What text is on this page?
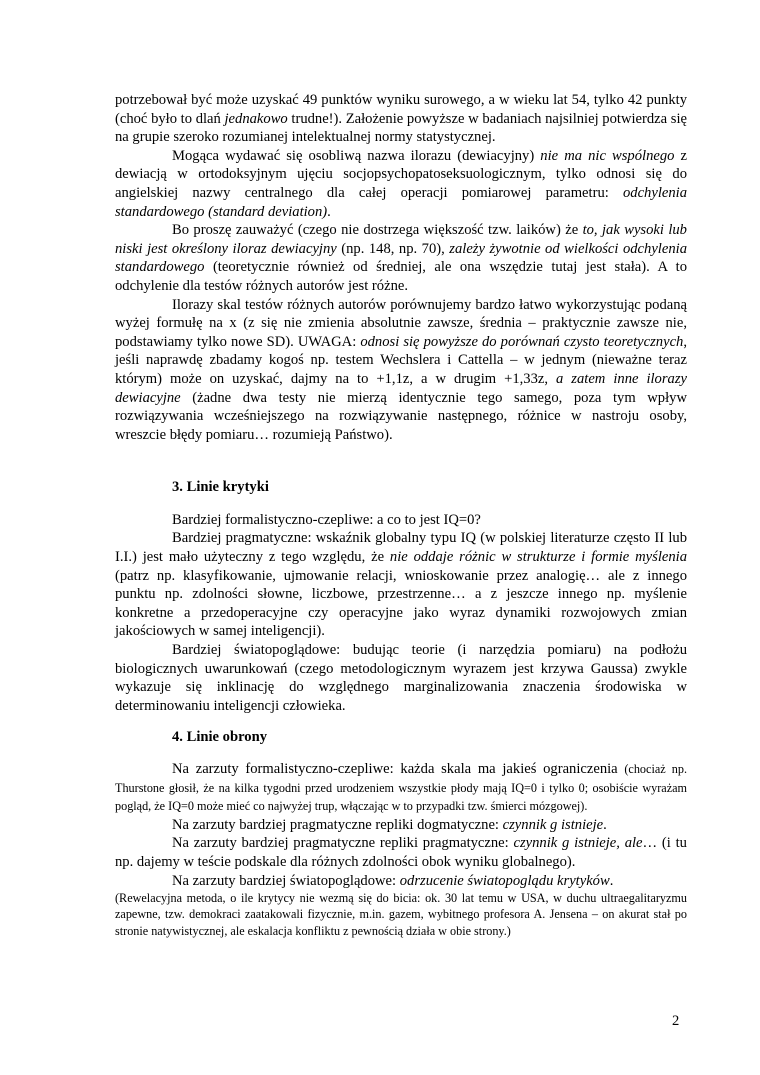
potrzebował być może uzyskać 49 punktów wyniku surowego, a w wieku lat 54, tylko 42 punkty (choć było to dlań jednakowo trudne!). Założenie powyższe w badaniach najsilniej potwierdza się na grupie szeroko rozumianej intelektualnej normy statystycznej.

Mogąca wydawać się osobliwą nazwa ilorazu (dewiacyjny) nie ma nic wspólnego z dewiacją w ortodoksyjnym ujęciu socjopsychopatoseksuologicznym, tylko odnosi się do angielskiej nazwy centralnego dla całej operacji pomiarowej parametru: odchylenia standardowego (standard deviation).

Bo proszę zauważyć (czego nie dostrzega większość tzw. laików) że to, jak wysoki lub niski jest określony iloraz dewiacyjny (np. 148, np. 70), zależy żywotnie od wielkości odchylenia standardowego (teoretycznie również od średniej, ale ona wszędzie tutaj jest stała). A to odchylenie dla testów różnych autorów jest różne.

Ilorazy skal testów różnych autorów porównujemy bardzo łatwo wykorzystując podaną wyżej formułę na x (z się nie zmienia absolutnie zawsze, średnia – praktycznie zawsze nie, podstawiamy tylko nowe SD). UWAGA: odnosi się powyższe do porównań czysto teoretycznych, jeśli naprawdę zbadamy kogoś np. testem Wechslera i Cattella – w jednym (nieważne teraz którym) może on uzyskać, dajmy na to +1,1z, a w drugim +1,33z, a zatem inne ilorazy dewiacyjne (żadne dwa testy nie mierzą identycznie tego samego, poza tym wpływ rozwiązywania wcześniejszego na rozwiązywanie następnego, różnice w nastroju osoby, wreszcie błędy pomiaru… rozumieją Państwo).

3. Linie krytyki

Bardziej formalistyczno-czepliwe: a co to jest IQ=0?

Bardziej pragmatyczne: wskaźnik globalny typu IQ (w polskiej literaturze często II lub I.I.) jest mało użyteczny z tego względu, że nie oddaje różnic w strukturze i formie myślenia (patrz np. klasyfikowanie, ujmowanie relacji, wnioskowanie przez analogię… ale z innego punktu np. zdolności słowne, liczbowe, przestrzenne… a z jeszcze innego np. myślenie konkretne a przedoperacyjne czy operacyjne jako wyraz dynamiki rozwojowych zmian jakościowych w samej inteligencji).

Bardziej światopoglądowe: budując teorie (i narzędzia pomiaru) na podłożu biologicznych uwarunkowań (czego metodologicznym wyrazem jest krzywa Gaussa) zwykle wykazuje się inklinację do względnego marginalizowania znaczenia środowiska w determinowaniu inteligencji człowieka.

4. Linie obrony

Na zarzuty formalistyczno-czepliwe: każda skala ma jakieś ograniczenia (chociaż np. Thurstone głosił, że na kilka tygodni przed urodzeniem wszystkie płody mają IQ=0 i tylko 0; osobiście wyrażam pogląd, że IQ=0 może mieć co najwyżej trup, włączając w to przypadki tzw. śmierci mózgowej).

Na zarzuty bardziej pragmatyczne repliki dogmatyczne: czynnik g istnieje.

Na zarzuty bardziej pragmatyczne repliki pragmatyczne: czynnik g istnieje, ale… (i tu np. dajemy w teście podskale dla różnych zdolności obok wyniku globalnego).

Na zarzuty bardziej światopoglądowe: odrzucenie światopoglądu krytyków.

(Rewelacyjna metoda, o ile krytycy nie wezmą się do bicia: ok. 30 lat temu w USA, w duchu ultraegalitaryzmu zapewne, tzw. demokraci zaatakowali fizycznie, m.in. gazem, wybitnego profesora A. Jensena – on akurat stał po stronie natywistycznej, ale eskalacja konfliktu z pewnością działa w obie strony.)
2
